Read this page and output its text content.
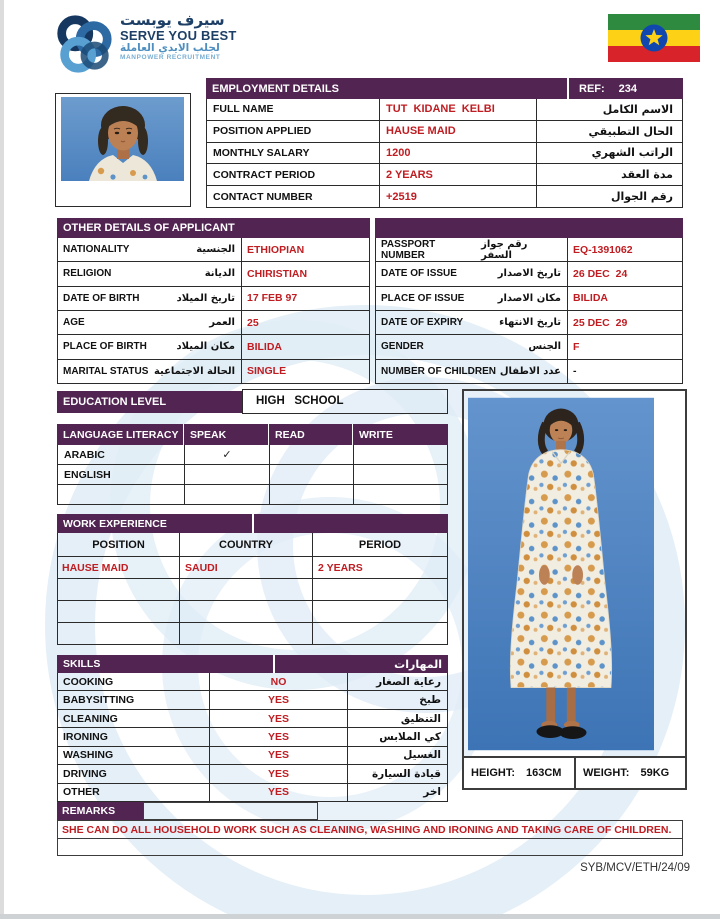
سيرف يوبست
SERVE YOU BEST
لجلب الايدي العاملة
MANPOWER RECRUITMENT
EMPLOYMENT DETAILS	REF: 234
FULL NAME	TUT  KIDANE  KELBI	الاسم الكامل
POSITION APPLIED	HAUSE MAID	الحال التطبيقي
MONTHLY SALARY	1200	الراتب الشهري
CONTRACT PERIOD	2 YEARS	مدة العقد
CONTACT NUMBER	+2519	رقم الجوال
OTHER DETAILS OF APPLICANT
NATIONALITY	الجنسية	ETHIOPIAN
RELIGION	الديانة	CHIRISTIAN
DATE OF BIRTH	تاريخ الميلاد	17 FEB 97
AGE	العمر	25
PLACE OF BIRTH	مكان الميلاد	BILIDA
MARITAL STATUS الحالة الاجتماعية	SINGLE
PASSPORT NUMBER
رقم جواز السفر	EQ-1391062
DATE OF ISSUE	تاريخ الاصدار	26 DEC  24
PLACE OF ISSUE	مكان الاصدار	BILIDA
DATE OF EXPIRY	تاريخ الانتهاء	25 DEC  29
GENDER	الجنس	F
NUMBER OF CHILDREN عدد الاطفال	-
EDUCATION LEVEL	HIGH   SCHOOL
LANGUAGE LITERACY	SPEAK	READ	WRITE
ARABIC	✓
ENGLISH
WORK EXPERIENCE
POSITION	COUNTRY	PERIOD
HAUSE MAID	SAUDI	2 YEARS
SKILLS	المهارات
COOKING	NO	رعاية الصغار
BABYSITTING	YES	طبخ
CLEANING	YES	التنظيق
IRONING	YES	كي الملابس
WASHING	YES	الغسيل
DRIVING	YES	قيادة السيارة
OTHER	YES	اخر
HEIGHT: 163CM WEIGHT: 59KG
REMARKS
SHE CAN DO ALL HOUSEHOLD WORK SUCH AS CLEANING, WASHING AND IRONING AND TAKING CARE OF CHILDREN.
SYB/MCV/ETH/24/09
